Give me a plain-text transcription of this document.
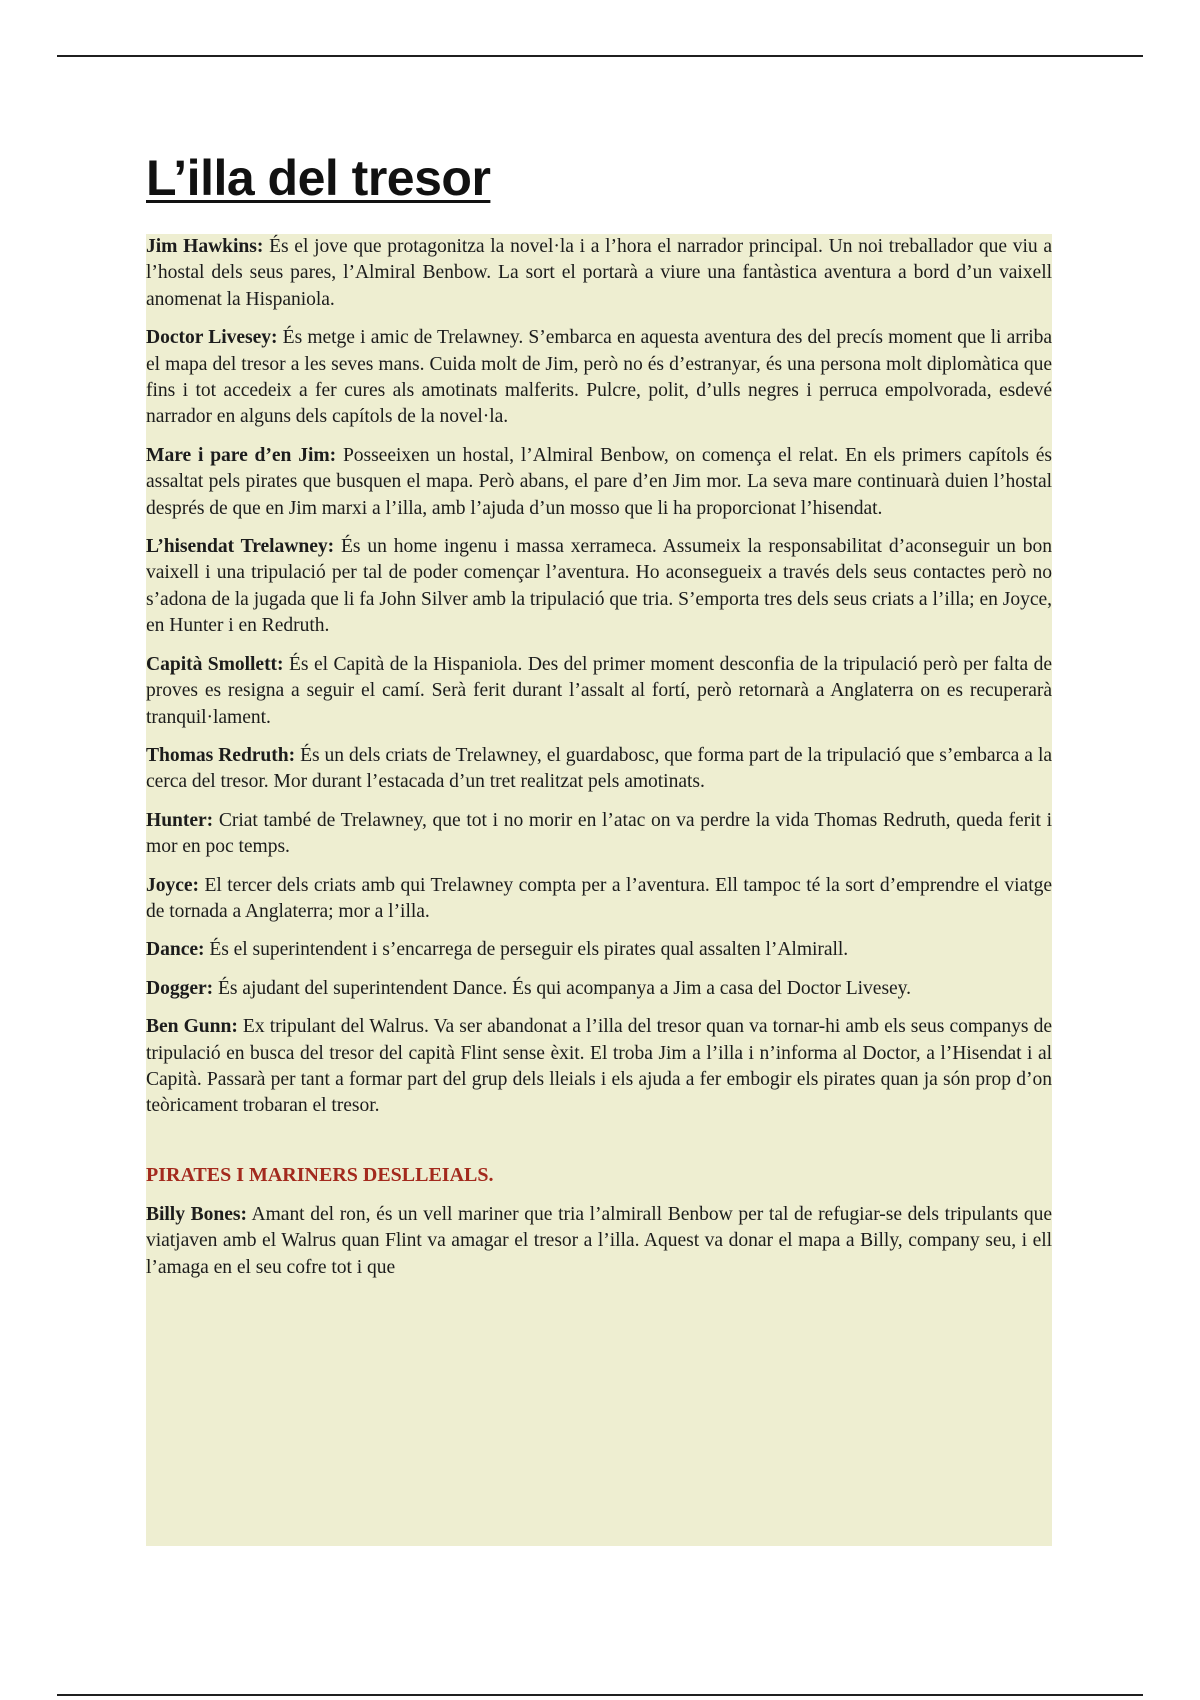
L’illa del tresor

Jim Hawkins: És el jove que protagonitza la novel·la i a l’hora el narrador principal. Un noi treballador que viu a l’hostal dels seus pares, l’Almiral Benbow. La sort el portarà a viure una fantàstica aventura a bord d’un vaixell anomenat la Hispaniola.

Doctor Livesey: És metge i amic de Trelawney. S’embarca en aquesta aventura des del precís moment que li arriba el mapa del tresor a les seves mans. Cuida molt de Jim, però no és d’estranyar, és una persona molt diplomàtica que fins i tot accedeix a fer cures als amotinats malferits. Pulcre, polit, d’ulls negres i perruca empolvorada, esdevé narrador en alguns dels capítols de la novel·la.

Mare i pare d’en Jim: Posseeixen un hostal, l’Almiral Benbow, on comença el relat. En els primers capítols és assaltat pels pirates que busquen el mapa. Però abans, el pare d’en Jim mor. La seva mare continuarà duien l’hostal després de que en Jim marxi a l’illa, amb l’ajuda d’un mosso que li ha proporcionat l’hisendat.

L’hisendat Trelawney: És un home ingenu i massa xerrameca. Assumeix la responsabilitat d’aconseguir un bon vaixell i una tripulació per tal de poder començar l’aventura. Ho aconsegueix a través dels seus contactes però no s’adona de la jugada que li fa John Silver amb la tripulació que tria. S’emporta tres dels seus criats a l’illa; en Joyce, en Hunter i en Redruth.

Capità Smollett: És el Capità de la Hispaniola. Des del primer moment desconfia de la tripulació però per falta de proves es resigna a seguir el camí. Serà ferit durant l’assalt al fortí, però retornarà a Anglaterra on es recuperarà tranquil·lament.

Thomas Redruth: És un dels criats de Trelawney, el guardabosc, que forma part de la tripulació que s’embarca a la cerca del tresor. Mor durant l’estacada d’un tret realitzat pels amotinats.

Hunter: Criat també de Trelawney, que tot i no morir en l’atac on va perdre la vida Thomas Redruth, queda ferit i mor en poc temps.

Joyce: El tercer dels criats amb qui Trelawney compta per a l’aventura. Ell tampoc té la sort d’emprendre el viatge de tornada a Anglaterra; mor a l’illa.

Dance: És el superintendent i s’encarrega de perseguir els pirates qual assalten l’Almirall.

Dogger: És ajudant del superintendent Dance. És qui acompanya a Jim a casa del Doctor Livesey.

Ben Gunn: Ex tripulant del Walrus. Va ser abandonat a l’illa del tresor quan va tornar-hi amb els seus companys de tripulació en busca del tresor del capità Flint sense èxit. El troba Jim a l’illa i n’informa al Doctor, a l’Hisendat i al Capità. Passarà per tant a formar part del grup dels lleials i els ajuda a fer embogir els pirates quan ja són prop d’on teòricament trobaran el tresor.

PIRATES I MARINERS DESLLEIALS.

Billy Bones: Amant del ron, és un vell mariner que tria l’almirall Benbow per tal de refugiar-se dels tripulants que viatjaven amb el Walrus quan Flint va amagar el tresor a l’illa. Aquest va donar el mapa a Billy, company seu, i ell l’amaga en el seu cofre tot i que
